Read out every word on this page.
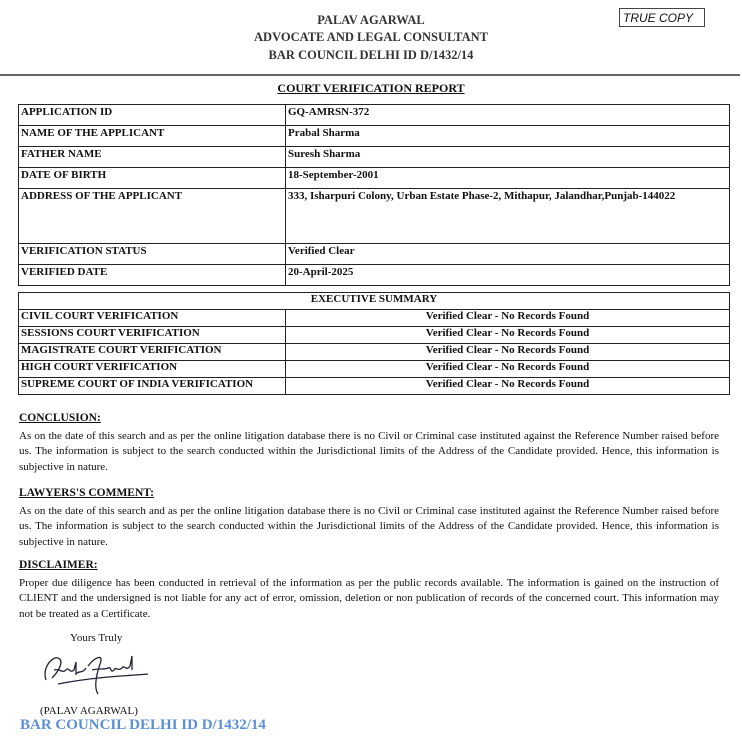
PALAV AGARWAL
ADVOCATE AND LEGAL CONSULTANT
BAR COUNCIL DELHI ID D/1432/14
TRUE COPY
COURT VERIFICATION REPORT
APPLICATION ID	GQ-AMRSN-372
NAME OF THE APPLICANT	Prabal Sharma
FATHER NAME	Suresh Sharma
DATE OF BIRTH	18-September-2001
ADDRESS OF THE APPLICANT	333, Isharpuri Colony, Urban Estate Phase-2, Mithapur, Jalandhar,Punjab-144022
VERIFICATION STATUS	Verified Clear
VERIFIED DATE	20-April-2025
EXECUTIVE SUMMARY	
CIVIL COURT VERIFICATION	Verified Clear - No Records Found
SESSIONS COURT VERIFICATION	Verified Clear - No Records Found
MAGISTRATE COURT VERIFICATION	Verified Clear - No Records Found
HIGH COURT VERIFICATION	Verified Clear - No Records Found
SUPREME COURT OF INDIA VERIFICATION	Verified Clear - No Records Found
CONCLUSION:

As on the date of this search and as per the online litigation database there is no Civil or Criminal case instituted against the Reference Number raised before us. The information is subject to the search conducted within the Jurisdictional limits of the Address of the Candidate provided. Hence, this information is subjective in nature.

LAWYERS'S COMMENT:

As on the date of this search and as per the online litigation database there is no Civil or Criminal case instituted against the Reference Number raised before us. The information is subject to the search conducted within the Jurisdictional limits of the Address of the Candidate provided. Hence, this information is subjective in nature.

DISCLAIMER:

Proper due diligence has been conducted in retrieval of the information as per the public records available. The information is gained on the instruction of CLIENT and the undersigned is not liable for any act of error, omission, deletion or non publication of records of the concerned court. This information may not be treated as a Certificate.

Yours Truly
(PALAV AGARWAL)
BAR COUNCIL DELHI ID D/1432/14
